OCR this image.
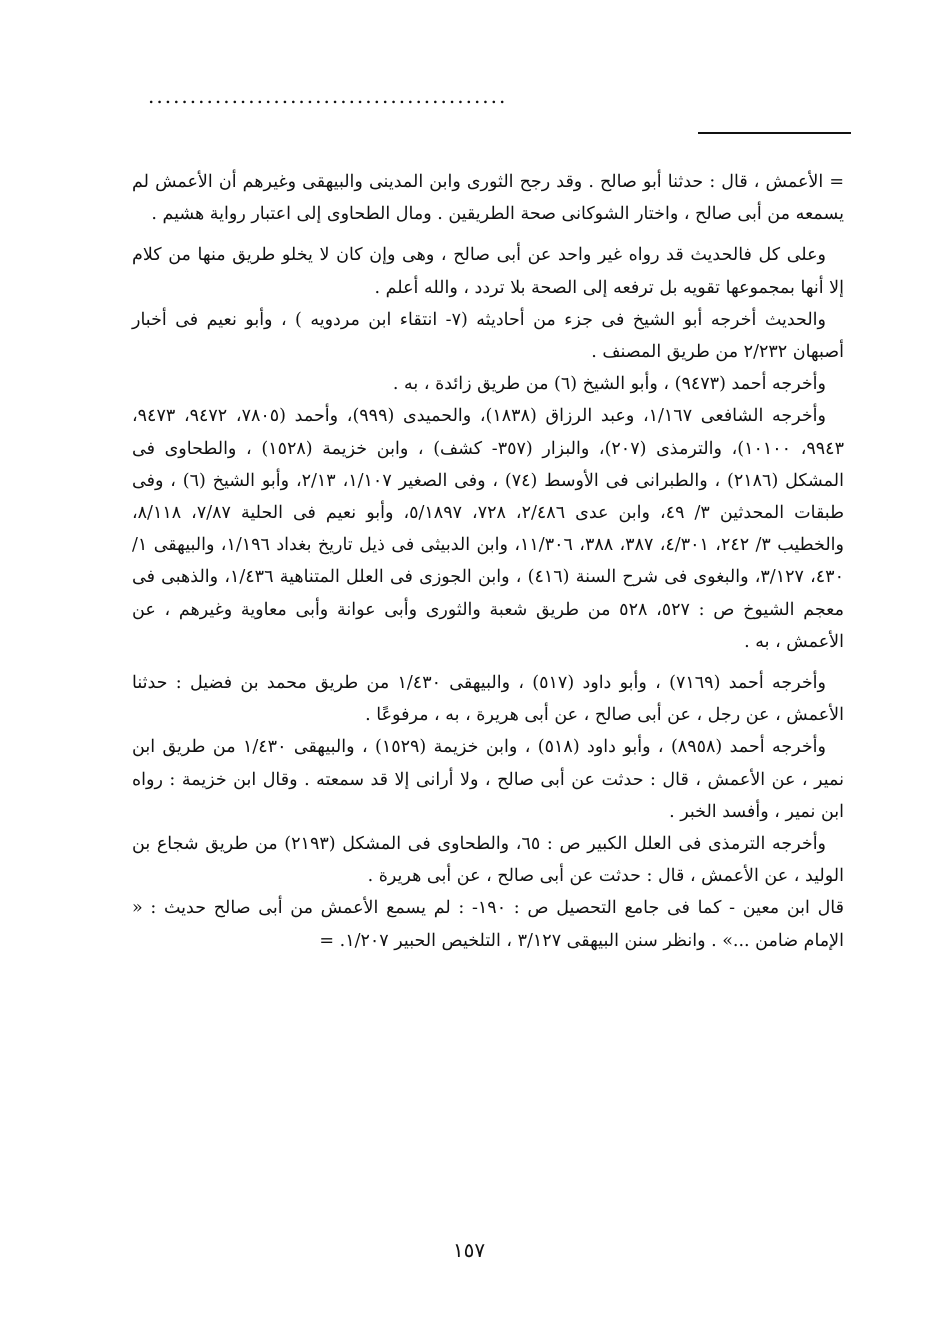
...........................................

= الأعمش ، قال : حدثنا أبو صالح . وقد رجح الثورى وابن المدينى والبيهقى وغيرهم أن الأعمش لم يسمعه من أبى صالح ، واختار الشوكانى صحة الطريقين . ومال الطحاوى إلى اعتبار رواية هشيم .

وعلى كل فالحديث قد رواه غير واحد عن أبى صالح ، وهى وإن كان لا يخلو طريق منها من كلام إلا أنها بمجموعها تقويه بل ترفعه إلى الصحة بلا تردد ، والله أعلم .

والحديث أخرجه أبو الشيخ فى جزء من أحاديثه (٧- انتقاء ابن مردويه ) ، وأبو نعيم فى أخبار أصبهان ٢/٢٣٢ من طريق المصنف .

وأخرجه أحمد (٩٤٧٣) ، وأبو الشيخ (٦) من طريق زائدة ، به .

وأخرجه الشافعى ١/١٦٧، وعبد الرزاق (١٨٣٨)، والحميدى (٩٩٩)، وأحمد (٧٨٠٥، ٩٤٧٢، ٩٤٧٣، ٩٩٤٣، ١٠١٠٠)، والترمذى (٢٠٧)، والبزار (٣٥٧- كشف) ، وابن خزيمة (١٥٢٨) ، والطحاوى فى المشكل (٢١٨٦) ، والطبرانى فى الأوسط (٧٤) ، وفى الصغير ١/١٠٧، ٢/١٣، وأبو الشيخ (٦) ، وفى طبقات المحدثين ٣/ ٤٩، وابن عدى ٢/٤٨٦، ٧٢٨، ٥/١٨٩٧، وأبو نعيم فى الحلية ٧/٨٧، ٨/١١٨، والخطيب ٣/ ٢٤٢، ٤/٣٠١، ٣٨٧، ٣٨٨، ١١/٣٠٦، وابن الدبيثى فى ذيل تاريخ بغداد ١/١٩٦، والبيهقى ١/ ٤٣٠، ٣/١٢٧، والبغوى فى شرح السنة (٤١٦) ، وابن الجوزى فى العلل المتناهية ١/٤٣٦، والذهبى فى معجم الشيوخ ص : ٥٢٧، ٥٢٨ من طريق شعبة والثورى وأبى عوانة وأبى معاوية وغيرهم ، عن الأعمش ، به .

وأخرجه أحمد (٧١٦٩) ، وأبو داود (٥١٧) ، والبيهقى ١/٤٣٠ من طريق محمد بن فضيل : حدثنا الأعمش ، عن رجل ، عن أبى صالح ، عن أبى هريرة ، به ، مرفوعًا .

وأخرجه أحمد (٨٩٥٨) ، وأبو داود (٥١٨) ، وابن خزيمة (١٥٢٩) ، والبيهقى ١/٤٣٠ من طريق ابن نمير ، عن الأعمش ، قال : حدثت عن أبى صالح ، ولا أرانى إلا قد سمعته . وقال ابن خزيمة : رواه ابن نمير ، وأفسد الخبر .

وأخرجه الترمذى فى العلل الكبير ص : ٦٥، والطحاوى فى المشكل (٢١٩٣) من طريق شجاع بن الوليد ، عن الأعمش ، قال : حدثت عن أبى صالح ، عن أبى هريرة .

قال ابن معين - كما فى جامع التحصيل ص : ١٩٠- : لم يسمع الأعمش من أبى صالح حديث : « الإمام ضامن ...» . وانظر سنن البيهقى ٣/١٢٧ ، التلخيص الحبير ١/٢٠٧. =

١٥٧
